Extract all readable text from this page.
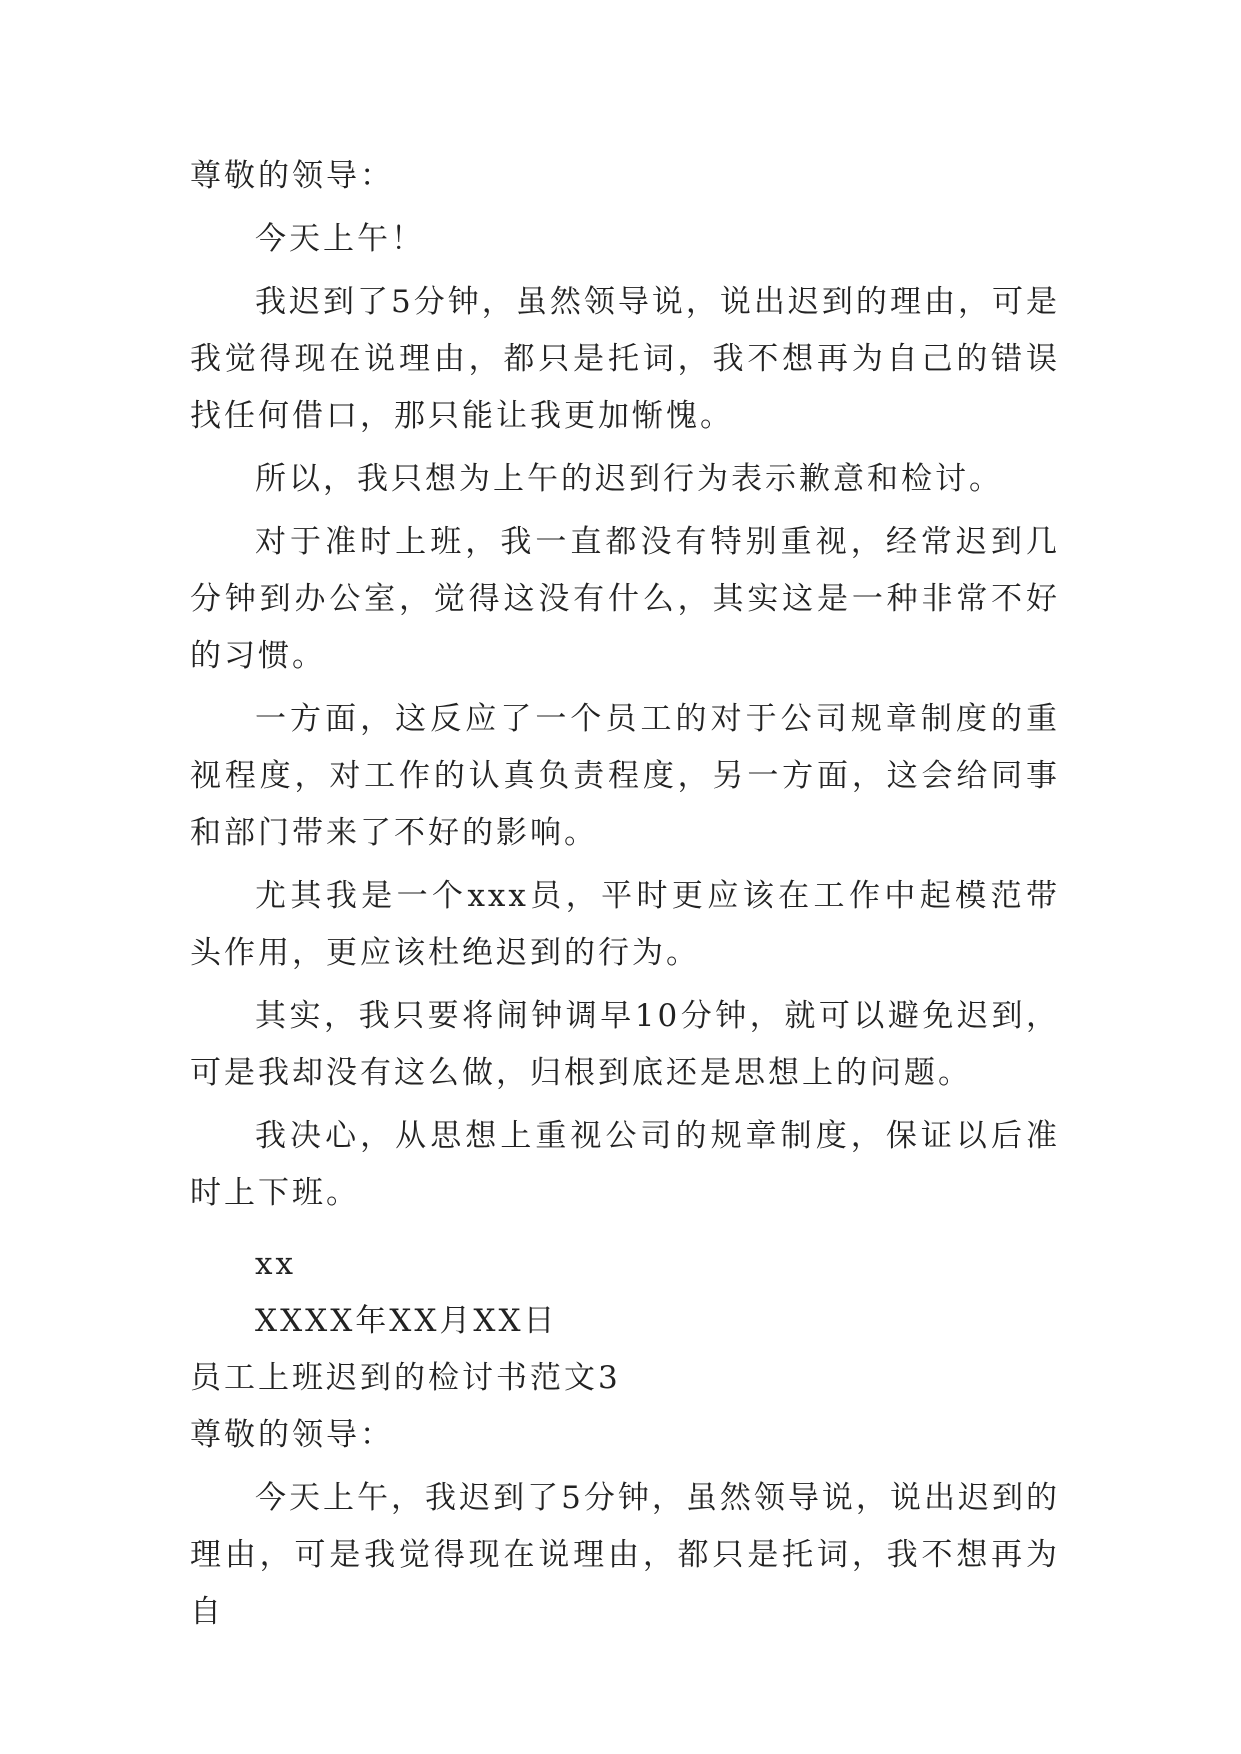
尊敬的领导：

今天上午！

我迟到了5分钟，虽然领导说，说出迟到的理由，可是我觉得现在说理由，都只是托词，我不想再为自己的错误找任何借口，那只能让我更加惭愧。

所以，我只想为上午的迟到行为表示歉意和检讨。

对于准时上班，我一直都没有特别重视，经常迟到几分钟到办公室，觉得这没有什么，其实这是一种非常不好的习惯。

一方面，这反应了一个员工的对于公司规章制度的重视程度，对工作的认真负责程度，另一方面，这会给同事和部门带来了不好的影响。

尤其我是一个xxx员，平时更应该在工作中起模范带头作用，更应该杜绝迟到的行为。

其实，我只要将闹钟调早10分钟，就可以避免迟到，可是我却没有这么做，归根到底还是思想上的问题。

我决心，从思想上重视公司的规章制度，保证以后准时上下班。

xx

XXXX年XX月XX日

员工上班迟到的检讨书范文3

尊敬的领导：

今天上午，我迟到了5分钟，虽然领导说，说出迟到的理由，可是我觉得现在说理由，都只是托词，我不想再为自
